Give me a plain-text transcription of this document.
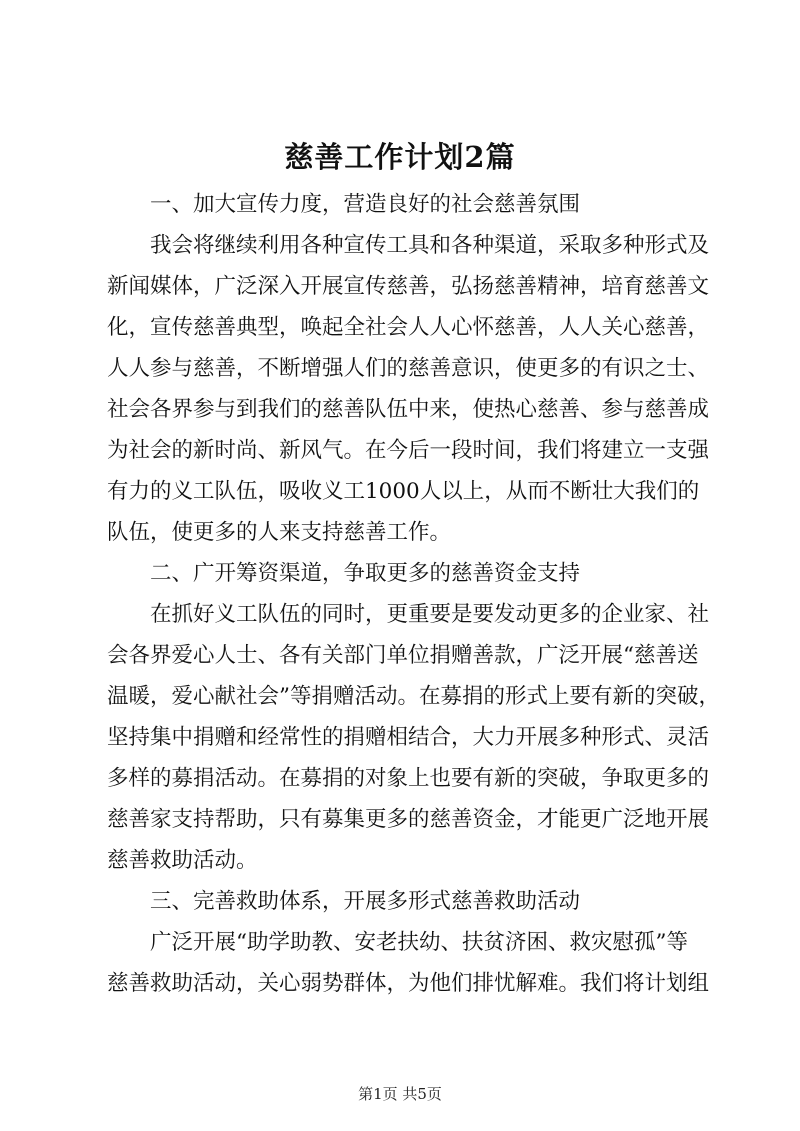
慈善工作计划2篇
一、加大宣传力度，营造良好的社会慈善氛围
我会将继续利用各种宣传工具和各种渠道，采取多种形式及
新闻媒体，广泛深入开展宣传慈善，弘扬慈善精神，培育慈善文
化，宣传慈善典型，唤起全社会人人心怀慈善，人人关心慈善，
人人参与慈善，不断增强人们的慈善意识，使更多的有识之士、
社会各界参与到我们的慈善队伍中来，使热心慈善、参与慈善成
为社会的新时尚、新风气。在今后一段时间，我们将建立一支强
有力的义工队伍，吸收义工1000人以上，从而不断壮大我们的
队伍，使更多的人来支持慈善工作。
二、广开筹资渠道，争取更多的慈善资金支持
在抓好义工队伍的同时，更重要是要发动更多的企业家、社
会各界爱心人士、各有关部门单位捐赠善款，广泛开展“慈善送
温暖，爱心献社会”等捐赠活动。在募捐的形式上要有新的突破，
坚持集中捐赠和经常性的捐赠相结合，大力开展多种形式、灵活
多样的募捐活动。在募捐的对象上也要有新的突破，争取更多的
慈善家支持帮助，只有募集更多的慈善资金，才能更广泛地开展
慈善救助活动。
三、完善救助体系，开展多形式慈善救助活动
广泛开展“助学助教、安老扶幼、扶贫济困、救灾慰孤”等
慈善救助活动，关心弱势群体，为他们排忧解难。我们将计划组
第1页 共5页
